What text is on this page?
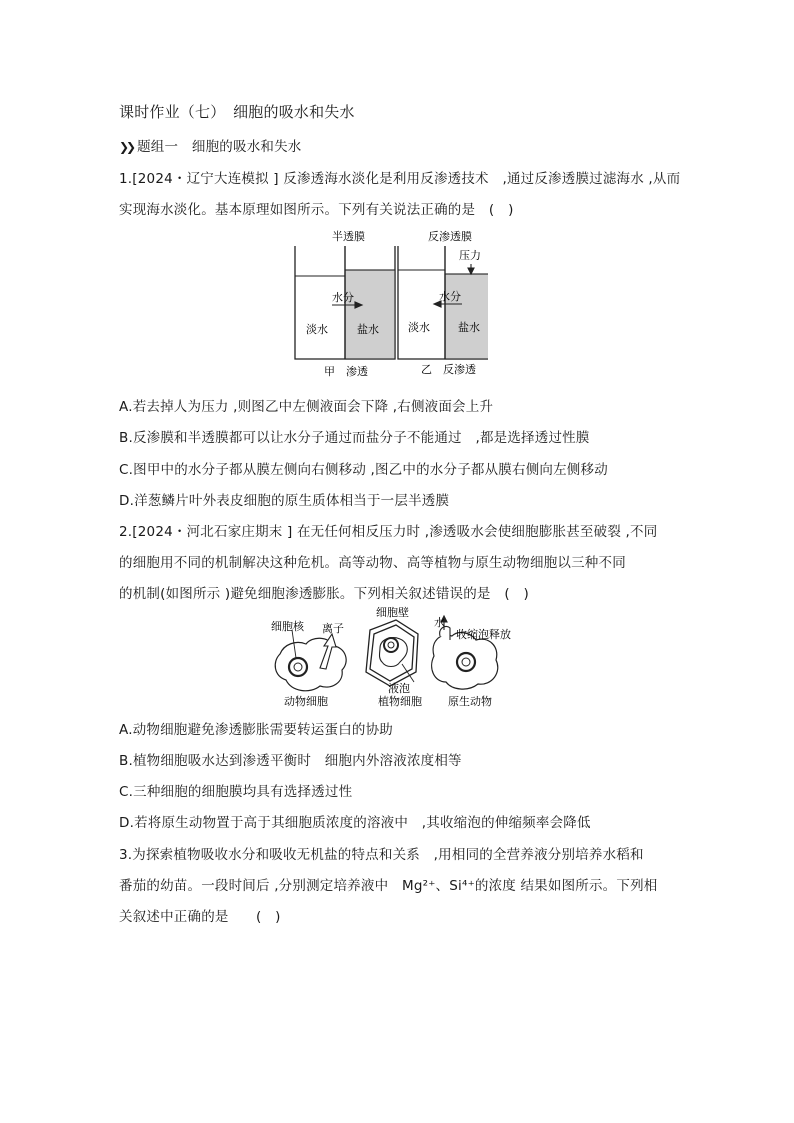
课时作业（七）　细胞的吸水和失水
❯❯ 题组一　细胞的吸水和失水
1.[2024・辽宁大连模拟 ] 反渗透海水淡化是利用反渗透技术　,通过反渗透膜过滤海水 ,从而
实现海水淡化。基本原理如图所示。下列有关说法正确的是　(　)
半透膜	反渗透膜
压力
水分	水分
淡水	盐水	淡水	盐水
甲　渗透	乙　反渗透
A.若去掉人为压力 ,则图乙中左侧液面会下降 ,右侧液面会上升
B.反渗膜和半透膜都可以让水分子通过而盐分子不能通过　,都是选择透过性膜
C.图甲中的水分子都从膜左侧向右侧移动 ,图乙中的水分子都从膜右侧向左侧移动
D.洋葱鳞片叶外表皮细胞的原生质体相当于一层半透膜
2.[2024・河北石家庄期末 ] 在无任何相反压力时 ,渗透吸水会使细胞膨胀甚至破裂 ,不同
的细胞用不同的机制解决这种危机。高等动物、高等植物与原生动物细胞以三种不同
的机制(如图所示 )避免细胞渗透膨胀。下列相关叙述错误的是　(　)
细胞核 离子
细胞壁
水
收缩泡释放
液泡
动物细胞	植物细胞 原生动物
A.动物细胞避免渗透膨胀需要转运蛋白的协助
B.植物细胞吸水达到渗透平衡时　细胞内外溶液浓度相等
C.三种细胞的细胞膜均具有选择透过性
D.若将原生动物置于高于其细胞质浓度的溶液中　,其收缩泡的伸缩频率会降低
3.为探索植物吸收水分和吸收无机盐的特点和关系　,用相同的全营养液分别培养水稻和
番茄的幼苗。一段时间后 ,分别测定培养液中　Mg²⁺、Si⁴⁺的浓度 结果如图所示。下列相
关叙述中正确的是　　(　)
